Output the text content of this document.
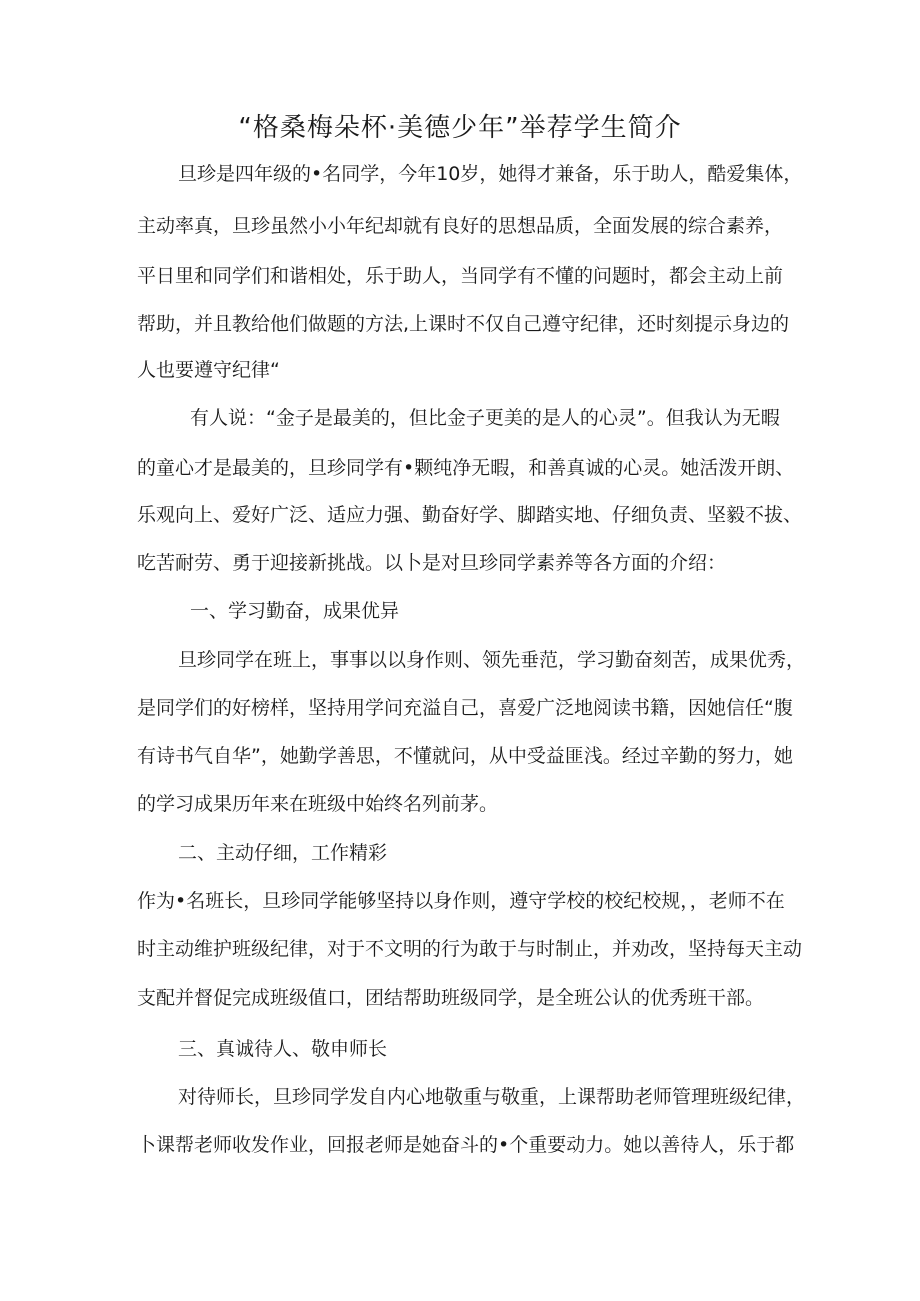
“格桑梅朵杯·美德少年”举荐学生简介
旦珍是四年级的•名同学，今年10岁，她得才兼备，乐于助人，酷爱集体，
主动率真，旦珍虽然小小年纪却就有良好的思想品质，全面发展的综合素养，
平日里和同学们和谐相处，乐于助人，当同学有不懂的问题时，都会主动上前
帮助，并且教给他们做题的方法,上课时不仅自己遵守纪律，还时刻提示身边的
人也要遵守纪律“
有人说：“金子是最美的，但比金子更美的是人的心灵”。但我认为无暇
的童心才是最美的，旦珍同学有•颗纯净无暇，和善真诚的心灵。她活泼开朗、
乐观向上、爱好广泛、适应力强、勤奋好学、脚踏实地、仔细负责、坚毅不拔、
吃苦耐劳、勇于迎接新挑战。以卜是对旦珍同学素养等各方面的介绍：
一、学习勤奋，成果优异
旦珍同学在班上，事事以以身作则、领先垂范，学习勤奋刻苦，成果优秀，
是同学们的好榜样，坚持用学问充溢自己，喜爱广泛地阅读书籍，因她信任“腹
有诗书气自华”，她勤学善思，不懂就问，从中受益匪浅。经过辛勤的努力，她
的学习成果历年来在班级中始终名列前茅。
二、主动仔细，工作精彩
作为•名班长，旦珍同学能够坚持以身作则，遵守学校的校纪校规，，老师不在
时主动维护班级纪律，对于不文明的行为敢于与时制止，并劝改，坚持每天主动
支配并督促完成班级值口，团结帮助班级同学，是全班公认的优秀班干部。
三、真诚待人、敬申师长
对待师长，旦珍同学发自内心地敬重与敬重，上课帮助老师管理班级纪律，
卜课帮老师收发作业，回报老师是她奋斗的•个重要动力。她以善待人，乐于都
